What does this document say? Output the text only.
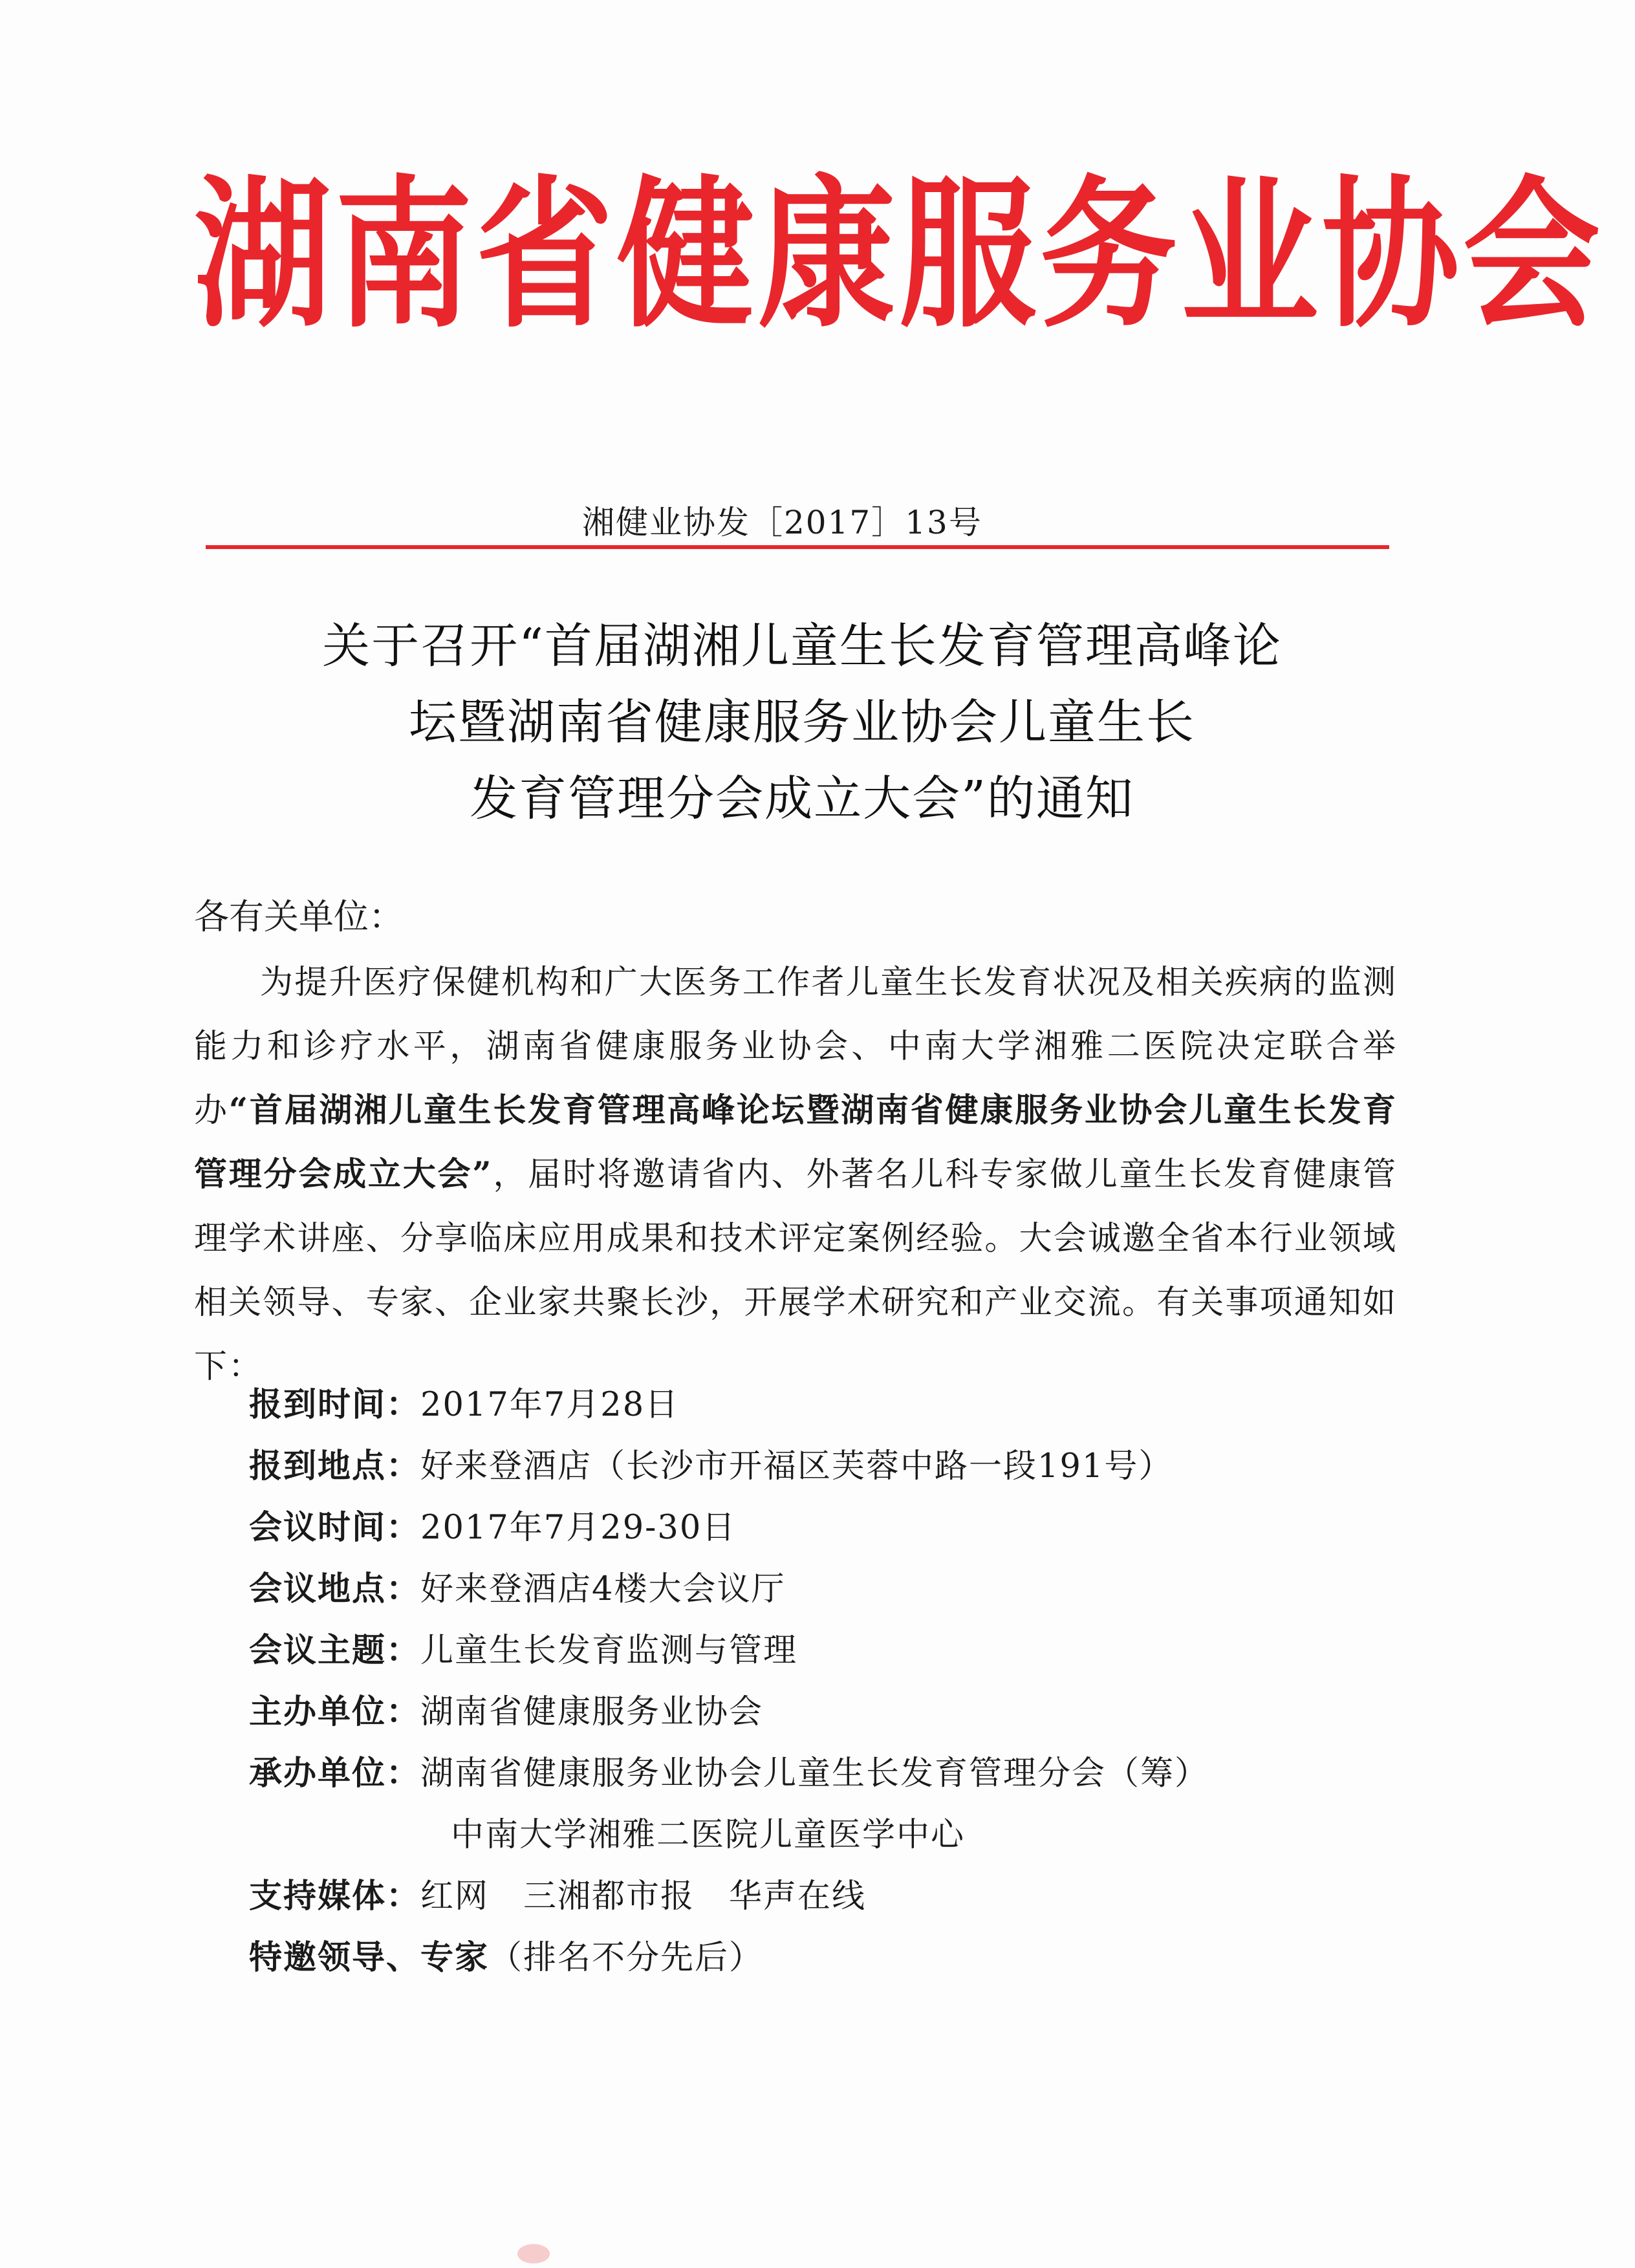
湖南省健康服务业协会
湘健业协发［2017］13号
关于召开“首届湖湘儿童生长发育管理高峰论
坛暨湖南省健康服务业协会儿童生长
发育管理分会成立大会”的通知
各有关单位：
为提升医疗保健机构和广大医务工作者儿童生长发育状况及相关疾病的监测能力和诊疗水平，湖南省健康服务业协会、中南大学湘雅二医院决定联合举办“首届湖湘儿童生长发育管理高峰论坛暨湖南省健康服务业协会儿童生长发育管理分会成立大会”，届时将邀请省内、外著名儿科专家做儿童生长发育健康管理学术讲座、分享临床应用成果和技术评定案例经验。大会诚邀全省本行业领域相关领导、专家、企业家共聚长沙，开展学术研究和产业交流。有关事项通知如下：
报到时间： 2017年7月28日
报到地点： 好来登酒店（长沙市开福区芙蓉中路一段191号）
会议时间： 2017年7月29-30日
会议地点： 好来登酒店4楼大会议厅
会议主题： 儿童生长发育监测与管理
主办单位： 湖南省健康服务业协会
承办单位： 湖南省健康服务业协会儿童生长发育管理分会（筹）
中南大学湘雅二医院儿童医学中心
支持媒体： 红网　三湘都市报　华声在线
特邀领导、专家 （排名不分先后）
